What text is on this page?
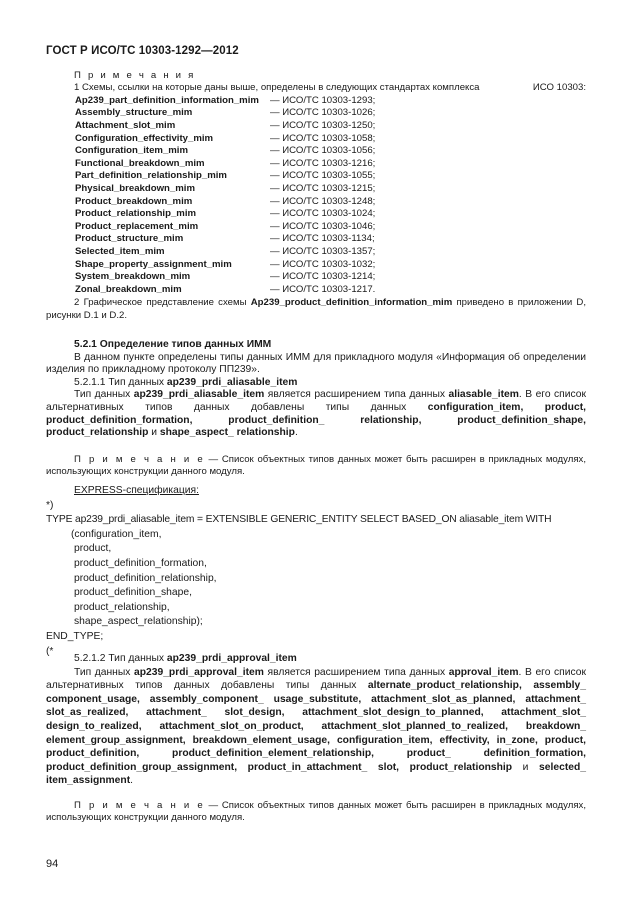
ГОСТ Р ИСО/ТС 10303-1292—2012
П р и м е ч а н и я
1 Схемы, ссылки на которые даны выше, определены в следующих стандартах комплекса	ИСО 10303:
Ap239_part_definition_information_mim — ИСО/ТС 10303-1293;
Assembly_structure_mim	— ИСО/ТС 10303-1026;
Attachment_slot_mim	— ИСО/ТС 10303-1250;
Configuration_effectivity_mim	— ИСО/ТС 10303-1058;
Configuration_item_mim	— ИСО/ТС 10303-1056;
Functional_breakdown_mim	— ИСО/ТС 10303-1216;
Part_definition_relationship_mim	— ИСО/ТС 10303-1055;
Physical_breakdown_mim	— ИСО/ТС 10303-1215;
Product_breakdown_mim	— ИСО/ТС 10303-1248;
Product_relationship_mim	— ИСО/ТС 10303-1024;
Product_replacement_mim	— ИСО/ТС 10303-1046;
Product_structure_mim	— ИСО/ТС 10303-1134;
Selected_item_mim	— ИСО/ТС 10303-1357;
Shape_property_assignment_mim	— ИСО/ТС 10303-1032;
System_breakdown_mim	— ИСО/ТС 10303-1214;
Zonal_breakdown_mim	— ИСО/ТС 10303-1217.
2 Графическое представление схемы Ap239_product_definition_information_mim приведено в приложении D, рисунки D.1 и D.2.
5.2.1 Определение типов данных ИММ
В данном пункте определены типы данных ИММ для прикладного модуля «Информация об определении изделия по прикладному протоколу ПП239».
5.2.1.1 Тип данных ap239_prdi_aliasable_item
Тип данных ap239_prdi_aliasable_item является расширением типа данных aliasable_item. В его список альтернативных типов данных добавлены типы данных configuration_item, product, product_definition_formation, product_definition_ relationship, product_definition_shape, product_relationship и shape_aspect_ relationship.
П р и м е ч а н и е — Список объектных типов данных может быть расширен в прикладных модулях, использующих конструкции данного модуля.
EXPRESS-спецификация:
*)
TYPE ap239_prdi_aliasable_item = EXTENSIBLE GENERIC_ENTITY SELECT BASED_ON aliasable_item WITH
(configuration_item,
product,
product_definition_formation,
product_definition_relationship,
product_definition_shape,
product_relationship,
shape_aspect_relationship);
END_TYPE;
(*
5.2.1.2 Тип данных ap239_prdi_approval_item
Тип данных ap239_prdi_approval_item является расширением типа данных approval_item. В его список альтернативных типов данных добавлены типы данных alternate_product_relationship, assembly_ component_usage, assembly_component_ usage_substitute, attachment_slot_as_planned, attachment_ slot_as_realized, attachment_ slot_design, attachment_slot_design_to_planned, attachment_slot_ design_to_realized, attachment_slot_on_product, attachment_slot_planned_to_realized, breakdown_ element_group_assignment, breakdown_element_usage, configuration_item, effectivity, in_zone, product, product_definition, product_definition_element_relationship, product_ definition_formation, product_definition_group_assignment, product_in_attachment_ slot, product_relationship и selected_ item_assignment.
П р и м е ч а н и е — Список объектных типов данных может быть расширен в прикладных модулях, использующих конструкции данного модуля.
94
